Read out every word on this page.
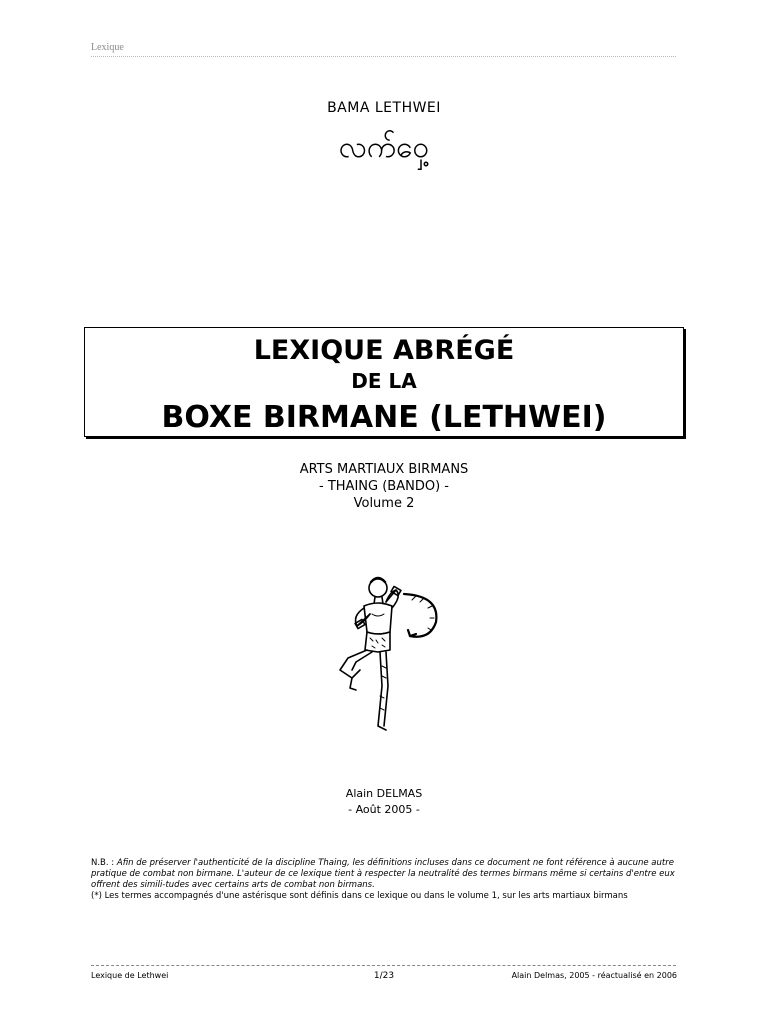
Lexique
BAMA LETHWEI
လက်ဝှေ့
LEXIQUE ABRÉGÉ
DE LA
BOXE BIRMANE (LETHWEI)
ARTS MARTIAUX BIRMANS
- THAING (BANDO) -
Volume 2
Alain DELMAS
- Août 2005 -
N.B. : Afin de préserver l'authenticité de la discipline Thaing, les définitions incluses dans ce document ne font référence à aucune autre pratique de combat non birmane. L'auteur de ce lexique tient à respecter la neutralité des termes birmans même si certains d'entre eux offrent des simili-tudes avec certains arts de combat non birmans.
(*) Les termes accompagnés d'une astérisque sont définis dans ce lexique ou dans le volume 1, sur les arts martiaux birmans
Lexique de Lethwei	1/23	Alain Delmas, 2005 - réactualisé en 2006
